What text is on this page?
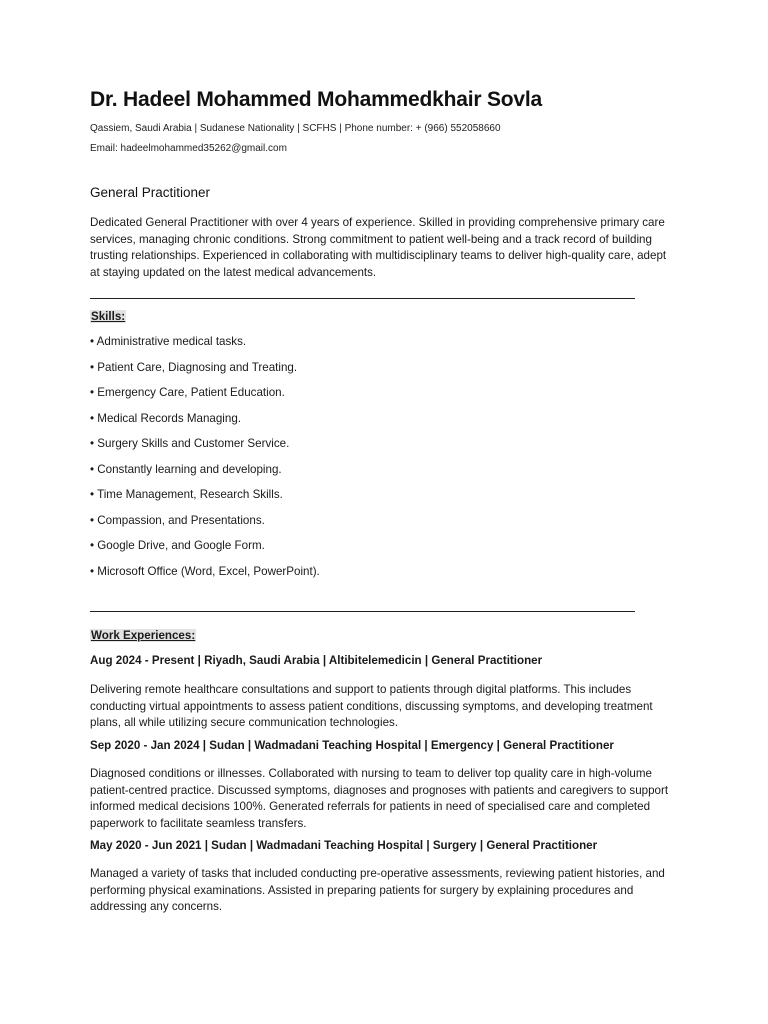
Dr. Hadeel Mohammed Mohammedkhair Sovla
Qassiem, Saudi Arabia | Sudanese Nationality | SCFHS | Phone number: + (966) 552058660
Email: hadeelmohammed35262@gmail.com
General Practitioner

Dedicated General Practitioner with over 4 years of experience. Skilled in providing comprehensive primary care services, managing chronic conditions. Strong commitment to patient well-being and a track record of building trusting relationships. Experienced in collaborating with multidisciplinary teams to deliver high-quality care, adept at staying updated on the latest medical advancements.

Skills:
• Administrative medical tasks.
• Patient Care, Diagnosing and Treating.
• Emergency Care, Patient Education.
• Medical Records Managing.
• Surgery Skills and Customer Service.
• Constantly learning and developing.
• Time Management, Research Skills.
• Compassion, and Presentations.
• Google Drive, and Google Form.
• Microsoft Office (Word, Excel, PowerPoint).
Work Experiences:
Aug 2024 - Present | Riyadh, Saudi Arabia | Altibitelemedicin | General Practitioner

Delivering remote healthcare consultations and support to patients through digital platforms. This includes conducting virtual appointments to assess patient conditions, discussing symptoms, and developing treatment plans, all while utilizing secure communication technologies.

Sep 2020 - Jan 2024 | Sudan | Wadmadani Teaching Hospital | Emergency | General Practitioner

Diagnosed conditions or illnesses. Collaborated with nursing to team to deliver top quality care in high-volume patient-centred practice. Discussed symptoms, diagnoses and prognoses with patients and caregivers to support informed medical decisions 100%. Generated referrals for patients in need of specialised care and completed paperwork to facilitate seamless transfers.

May 2020 - Jun 2021 | Sudan | Wadmadani Teaching Hospital | Surgery | General Practitioner

Managed a variety of tasks that included conducting pre-operative assessments, reviewing patient histories, and performing physical examinations. Assisted in preparing patients for surgery by explaining procedures and addressing any concerns.
